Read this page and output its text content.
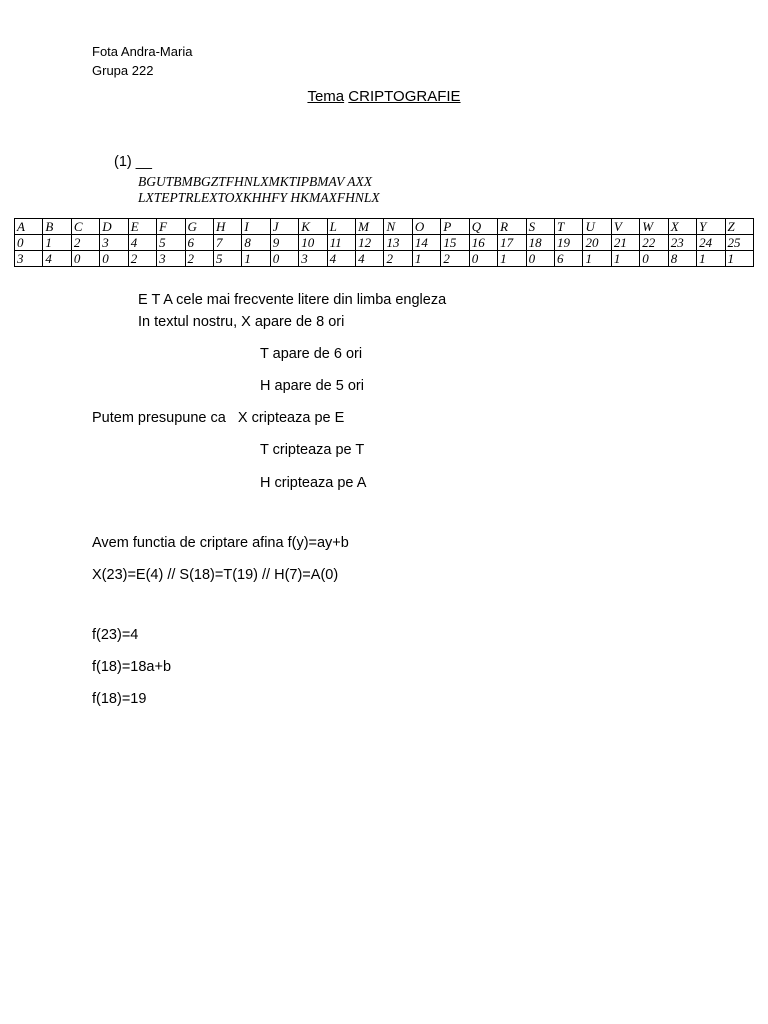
Fota Andra-Maria
Grupa 222
Tema CRIPTOGRAFIE
(1) __
BGUTBMBGZTFHNLXMKTIPBMAV AXX
LXTEPTRLEXTOXKHHFY HKMAXFHNLX
A	B	C	D	E	F	G	H	I	J	K	L	M	N	O	P	Q	R	S	T	U	V	W	X	Y	Z
0	1	2	3	4	5	6	7	8	9	10	11	12	13	14	15	16	17	18	19	20	21	22	23	24	25
3	4	0	0	2	3	2	5	1	0	3	4	4	2	1	2	0	1	0	6	1	1	0	8	1	1
E T A cele mai frecvente litere din limba engleza
In textul nostru, X apare de 8 ori
T apare de 6 ori
H apare de 5 ori
Putem presupune ca   X cripteaza pe E
T cripteaza pe T
H cripteaza pe A
Avem functia de criptare afina f(y)=ay+b
X(23)=E(4) // S(18)=T(19) // H(7)=A(0)
f(23)=4
f(18)=18a+b
f(18)=19
